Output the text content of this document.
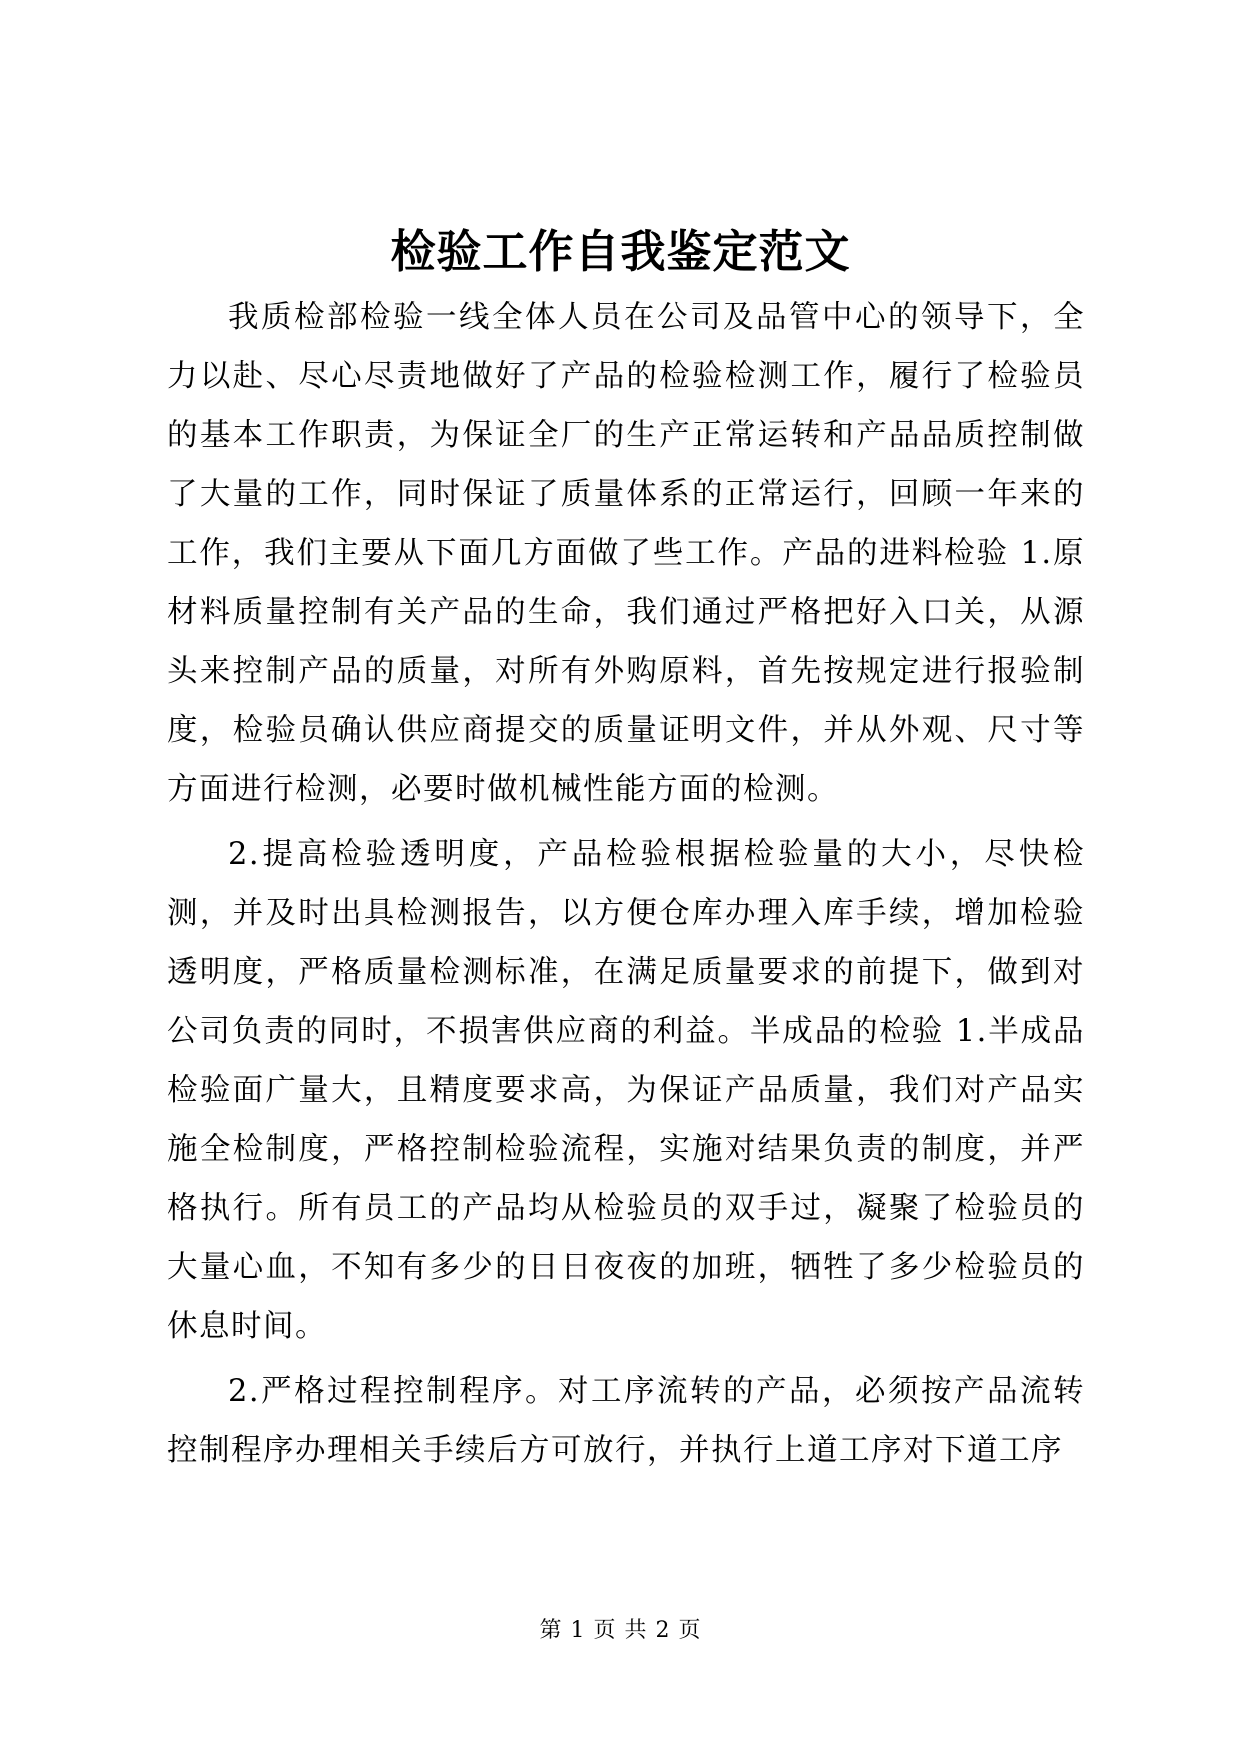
检验工作自我鉴定范文

我质检部检验一线全体人员在公司及品管中心的领导下，全力以赴、尽心尽责地做好了产品的检验检测工作，履行了检验员的基本工作职责，为保证全厂的生产正常运转和产品品质控制做了大量的工作，同时保证了质量体系的正常运行，回顾一年来的工作，我们主要从下面几方面做了些工作。产品的进料检验 1.原材料质量控制有关产品的生命，我们通过严格把好入口关，从源头来控制产品的质量，对所有外购原料，首先按规定进行报验制度，检验员确认供应商提交的质量证明文件，并从外观、尺寸等方面进行检测，必要时做机械性能方面的检测。

2.提高检验透明度，产品检验根据检验量的大小，尽快检测，并及时出具检测报告，以方便仓库办理入库手续，增加检验透明度，严格质量检测标准，在满足质量要求的前提下，做到对公司负责的同时，不损害供应商的利益。半成品的检验 1.半成品检验面广量大，且精度要求高，为保证产品质量，我们对产品实施全检制度，严格控制检验流程，实施对结果负责的制度，并严格执行。所有员工的产品均从检验员的双手过，凝聚了检验员的大量心血，不知有多少的日日夜夜的加班，牺牲了多少检验员的休息时间。

2.严格过程控制程序。对工序流转的产品，必须按产品流转控制程序办理相关手续后方可放行，并执行上道工序对下道工序

第 1 页 共 2 页
